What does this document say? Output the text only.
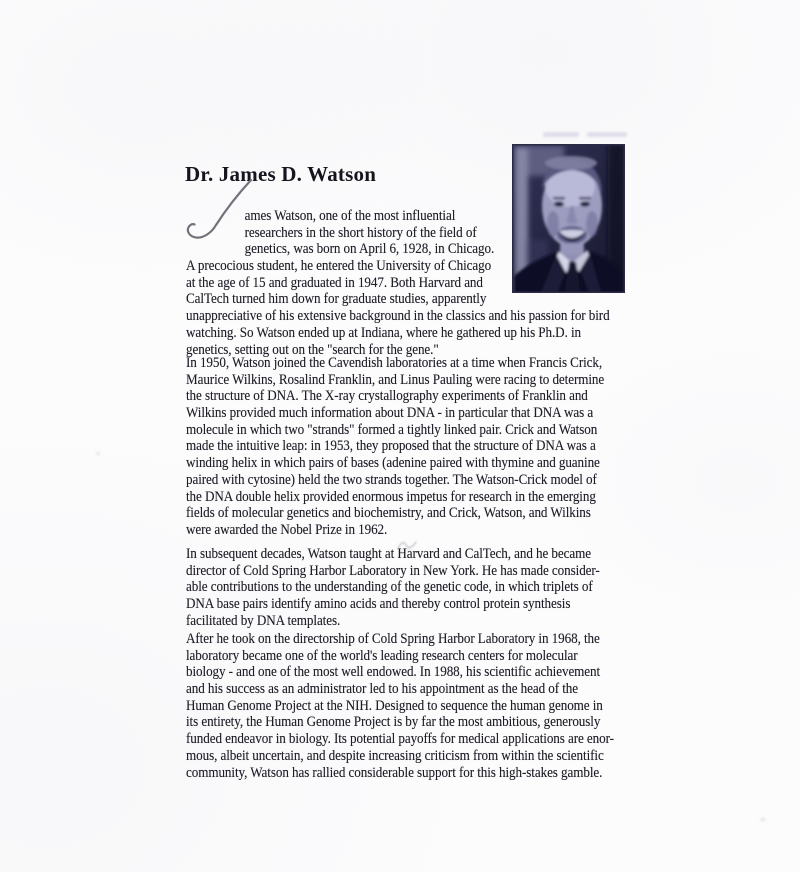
Dr. James D. Watson
ames Watson, one of the most influential
researchers in the short history of the field of
genetics, was born on April 6, 1928, in Chicago.
A precocious student, he entered the University of Chicago
at the age of 15 and graduated in 1947. Both Harvard and
CalTech turned him down for graduate studies, apparently
unappreciative of his extensive background in the classics and his passion for bird
watching. So Watson ended up at Indiana, where he gathered up his Ph.D. in
genetics, setting out on the "search for the gene."
In 1950, Watson joined the Cavendish laboratories at a time when Francis Crick,
Maurice Wilkins, Rosalind Franklin, and Linus Pauling were racing to determine
the structure of DNA. The X-ray crystallography experiments of Franklin and
Wilkins provided much information about DNA - in particular that DNA was a
molecule in which two "strands" formed a tightly linked pair. Crick and Watson
made the intuitive leap: in 1953, they proposed that the structure of DNA was a
winding helix in which pairs of bases (adenine paired with thymine and guanine
paired with cytosine) held the two strands together. The Watson-Crick model of
the DNA double helix provided enormous impetus for research in the emerging
fields of molecular genetics and biochemistry, and Crick, Watson, and Wilkins
were awarded the Nobel Prize in 1962.
In subsequent decades, Watson taught at Harvard and CalTech, and he became
director of Cold Spring Harbor Laboratory in New York. He has made consider-
able contributions to the understanding of the genetic code, in which triplets of
DNA base pairs identify amino acids and thereby control protein synthesis
facilitated by DNA templates.
After he took on the directorship of Cold Spring Harbor Laboratory in 1968, the
laboratory became one of the world's leading research centers for molecular
biology - and one of the most well endowed. In 1988, his scientific achievement
and his success as an administrator led to his appointment as the head of the
Human Genome Project at the NIH. Designed to sequence the human genome in
its entirety, the Human Genome Project is by far the most ambitious, generously
funded endeavor in biology. Its potential payoffs for medical applications are enor-
mous, albeit uncertain, and despite increasing criticism from within the scientific
community, Watson has rallied considerable support for this high-stakes gamble.
